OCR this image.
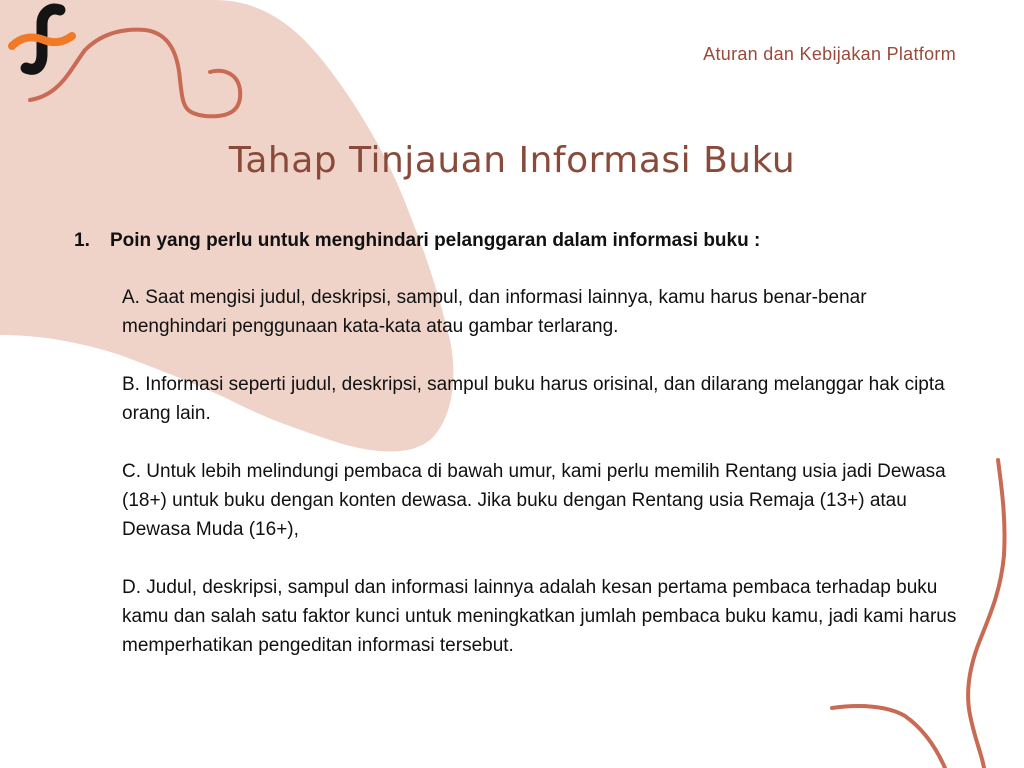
Aturan dan Kebijakan Platform
Tahap Tinjauan Informasi Buku
1.	Poin yang perlu untuk menghindari pelanggaran dalam informasi buku :

A. Saat mengisi judul, deskripsi, sampul, dan informasi lainnya, kamu harus benar-benar menghindari penggunaan kata-kata atau gambar terlarang.

B. Informasi seperti judul, deskripsi, sampul buku harus orisinal, dan dilarang melanggar hak cipta orang lain.

C. Untuk lebih melindungi pembaca di bawah umur, kami perlu memilih Rentang usia jadi Dewasa (18+) untuk buku dengan konten dewasa. Jika buku dengan Rentang usia Remaja (13+) atau Dewasa Muda (16+),

D. Judul, deskripsi, sampul dan informasi lainnya adalah kesan pertama pembaca terhadap buku kamu dan salah satu faktor kunci untuk meningkatkan jumlah pembaca buku kamu, jadi kami harus memperhatikan pengeditan informasi tersebut.
